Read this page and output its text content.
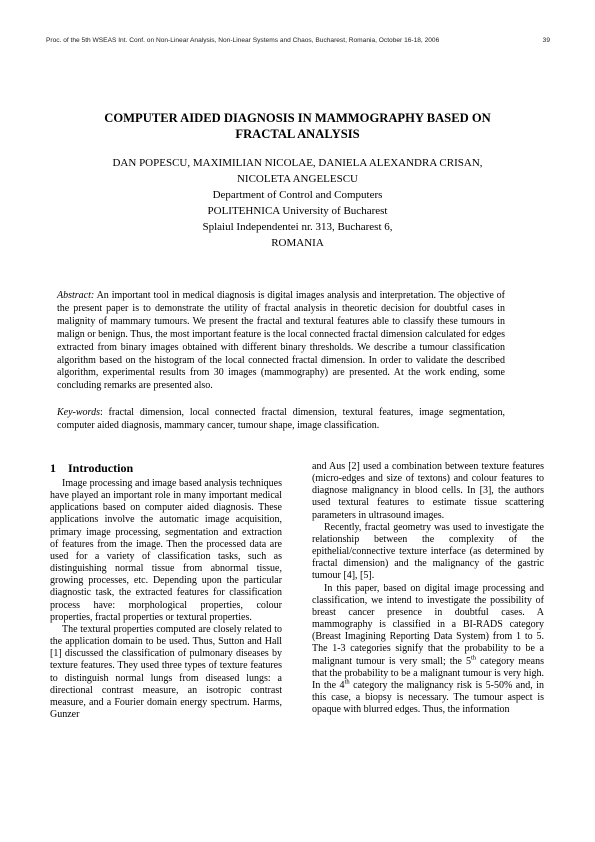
Proc. of the 5th WSEAS Int. Conf. on Non-Linear Analysis, Non-Linear Systems and Chaos, Bucharest, Romania, October 16-18, 2006	39
COMPUTER AIDED DIAGNOSIS IN MAMMOGRAPHY BASED ON
FRACTAL ANALYSIS
DAN POPESCU, MAXIMILIAN NICOLAE, DANIELA ALEXANDRA CRISAN,
NICOLETA ANGELESCU
Department of Control and Computers
POLITEHNICA University of Bucharest
Splaiul Independentei nr. 313, Bucharest 6,
ROMANIA

Abstract: An important tool in medical diagnosis is digital images analysis and interpretation. The objective of the present paper is to demonstrate the utility of fractal analysis in theoretic decision for doubtful cases in malignity of mammary tumours. We present the fractal and textural features able to classify these tumours in malign or benign. Thus, the most important feature is the local connected fractal dimension calculated for edges extracted from binary images obtained with different binary thresholds. We describe a tumour classification algorithm based on the histogram of the local connected fractal dimension. In order to validate the described algorithm, experimental results from 30 images (mammography) are presented. At the work ending, some concluding remarks are presented also.

Key-words: fractal dimension, local connected fractal dimension, textural features, image segmentation, computer aided diagnosis, mammary cancer, tumour shape, image classification.

1 Introduction

Image processing and image based analysis techniques have played an important role in many important medical applications based on computer aided diagnosis. These applications involve the automatic image acquisition, primary image processing, segmentation and extraction of features from the image. Then the processed data are used for a variety of classification tasks, such as distinguishing normal tissue from abnormal tissue, growing processes, etc. Depending upon the particular diagnostic task, the extracted features for classification process have: morphological properties, colour properties, fractal properties or textural properties.

The textural properties computed are closely related to the application domain to be used. Thus, Sutton and Hall [1] discussed the classification of pulmonary diseases by texture features. They used three types of texture features to distinguish normal lungs from diseased lungs: a directional contrast measure, an isotropic contrast measure, and a Fourier domain energy spectrum. Harms, Gunzer

and Aus [2] used a combination between texture features (micro-edges and size of textons) and colour features to diagnose malignancy in blood cells. In [3], the authors used textural features to estimate tissue scattering parameters in ultrasound images.

Recently, fractal geometry was used to investigate the relationship between the complexity of the epithelial/connective texture interface (as determined by fractal dimension) and the malignancy of the gastric tumour [4], [5].

In this paper, based on digital image processing and classification, we intend to investigate the possibility of breast cancer presence in doubtful cases. A mammography is classified in a BI-RADS category (Breast Imagining Reporting Data System) from 1 to 5. The 1-3 categories signify that the probability to be a malignant tumour is very small; the 5th category means that the probability to be a malignant tumour is very high. In the 4th category the malignancy risk is 5-50% and, in this case, a biopsy is necessary. The tumour aspect is opaque with blurred edges. Thus, the information
